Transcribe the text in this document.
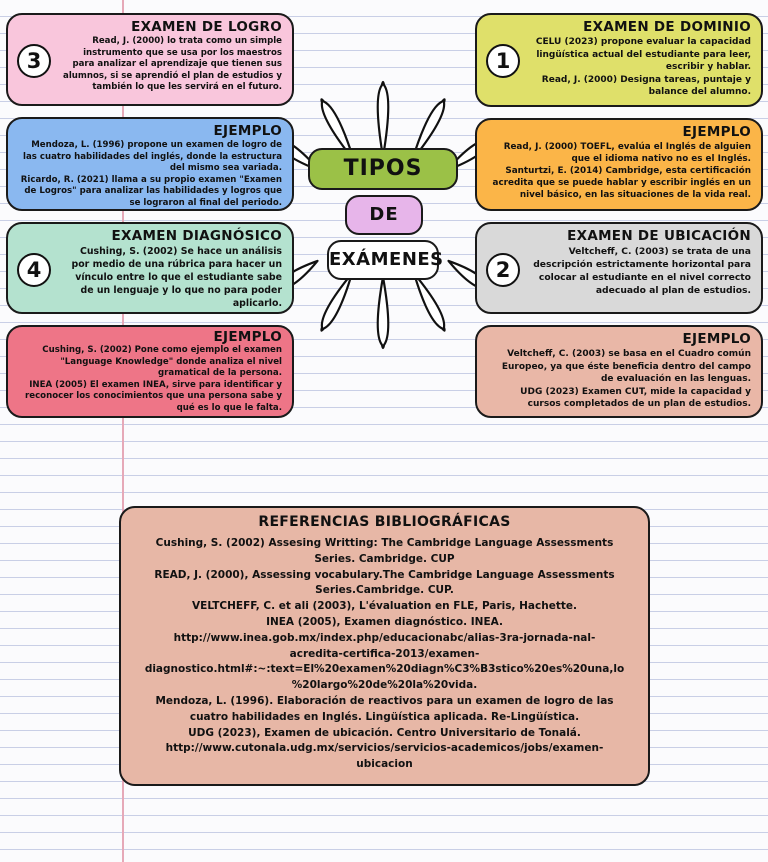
3
EXAMEN DE LOGRO
Read, J. (2000) lo trata como un simple instrumento que se usa por los maestros para analizar el aprendizaje que tienen sus alumnos, si se aprendió el plan de estudios y también lo que les servirá en el futuro.
EJEMPLO
Mendoza, L. (1996) propone un examen de logro de las cuatro habilidades del inglés, donde la estructura del mismo sea variada.
Ricardo, R. (2021) llama a su propio examen "Examen de Logros" para analizar las habilidades y logros que se lograron al final del periodo.
4
EXAMEN DIAGNÓSICO
Cushing, S. (2002) Se hace un análisis por medio de una rúbrica para hacer un vínculo entre lo que el estudiante sabe de un lenguaje y lo que no para poder aplicarlo.
EJEMPLO
Cushing, S. (2002) Pone como ejemplo el examen "Language Knowledge" donde analiza el nivel gramatical de la persona.
INEA (2005) El examen INEA, sirve para identificar y reconocer los conocimientos que una persona sabe y qué es lo que le falta.
1
EXAMEN DE DOMINIO
CELU (2023) propone evaluar la capacidad lingüística actual del estudiante para leer, escribir y hablar.
Read, J. (2000) Designa tareas, puntaje y balance del alumno.
EJEMPLO
Read, J. (2000) TOEFL, evalúa el Inglés de alguien que el idioma nativo no es el Inglés.
Santurtzi, E. (2014) Cambridge, esta certificación acredita que se puede hablar y escribir inglés en un nivel básico, en las situaciones de la vida real.
2
EXAMEN DE UBICACIÓN
Veltcheff, C. (2003) se trata de una descripción estrictamente horizontal para colocar al estudiante en el nivel correcto adecuado al plan de estudios.
EJEMPLO
Veltcheff, C. (2003) se basa en el Cuadro común Europeo, ya que éste beneficia dentro del campo de evaluación en las lenguas.
UDG (2023) Examen CUT, mide la capacidad y cursos completados de un plan de estudios.
TIPOS
DE
EXÁMENES
REFERENCIAS BIBLIOGRÁFICAS
Cushing, S. (2002) Assesing Writting: The Cambridge Language Assessments
Series. Cambridge. CUP
READ, J. (2000), Assessing vocabulary.The Cambridge Language Assessments
Series.Cambridge. CUP.
VELTCHEFF, C. et ali (2003), L'évaluation en FLE, Paris, Hachette.
INEA (2005), Examen diagnóstico. INEA.
http://www.inea.gob.mx/index.php/educacionabc/alias-3ra-jornada-nal-
acredita-certifica-2013/examen-
diagnostico.html#:~:text=El%20examen%20diagn%C3%B3stico%20es%20una,lo
%20largo%20de%20la%20vida.
Mendoza, L. (1996). Elaboración de reactivos para un examen de logro de las
cuatro habilidades en Inglés. Lingüística aplicada. Re-Lingüística.
UDG (2023), Examen de ubicación. Centro Universitario de Tonalá.
http://www.cutonala.udg.mx/servicios/servicios-academicos/jobs/examen-
ubicacion
